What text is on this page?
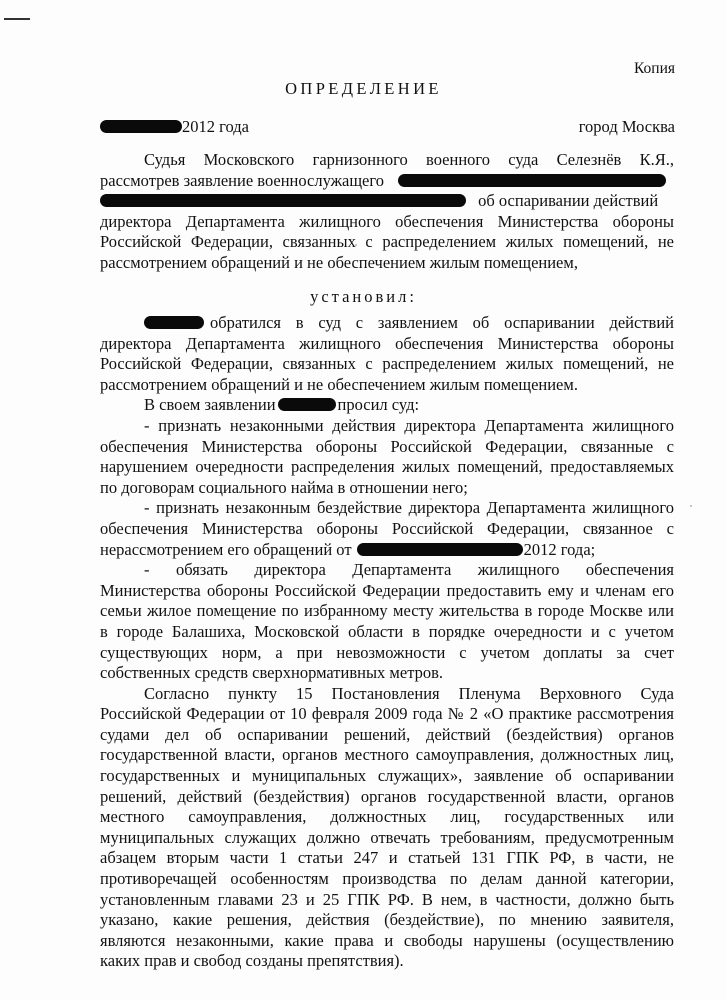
Копия
ОПРЕДЕЛЕНИЕ
2012 года	город Москва
Судья Московского гарнизонного военного суда Селезнёв К.Я.,
рассмотрев заявление военнослужащего
об оспаривании действий
директора Департамента жилищного обеспечения Министерства обороны
Российской Федерации, связанных с распределением жилых помещений, не
рассмотрением обращений и не обеспечением жилым помещением,
установил:
обратился в суд с заявлением об оспаривании действий
директора Департамента жилищного обеспечения Министерства обороны
Российской Федерации, связанных с распределением жилых помещений, не
рассмотрением обращений и не обеспечением жилым помещением.
В своем заявлении	просил суд:
- признать незаконными действия директора Департамента жилищного
обеспечения Министерства обороны Российской Федерации, связанные с
нарушением очередности распределения жилых помещений, предоставляемых
по договорам социального найма в отношении него;
- признать незаконным бездействие директора Департамента жилищного
обеспечения Министерства обороны Российской Федерации, связанное с
нерассмотрением его обращений от	2012 года;
- обязать директора Департамента жилищного обеспечения
Министерства обороны Российской Федерации предоставить ему и членам его
семьи жилое помещение по избранному месту жительства в городе Москве или
в городе Балашиха, Московской области в порядке очередности и с учетом
существующих норм, а при невозможности с учетом доплаты за счет
собственных средств сверхнормативных метров.
Согласно пункту 15 Постановления Пленума Верховного Суда
Российской Федерации от 10 февраля 2009 года № 2 «О практике рассмотрения
судами дел об оспаривании решений, действий (бездействия) органов
государственной власти, органов местного самоуправления, должностных лиц,
государственных и муниципальных служащих», заявление об оспаривании
решений, действий (бездействия) органов государственной власти, органов
местного самоуправления, должностных лиц, государственных или
муниципальных служащих должно отвечать требованиям, предусмотренным
абзацем вторым части 1 статьи 247 и статьей 131 ГПК РФ, в части, не
противоречащей особенностям производства по делам данной категории,
установленным главами 23 и 25 ГПК РФ. В нем, в частности, должно быть
указано, какие решения, действия (бездействие), по мнению заявителя,
являются незаконными, какие права и свободы нарушены (осуществлению
каких прав и свобод созданы препятствия).
